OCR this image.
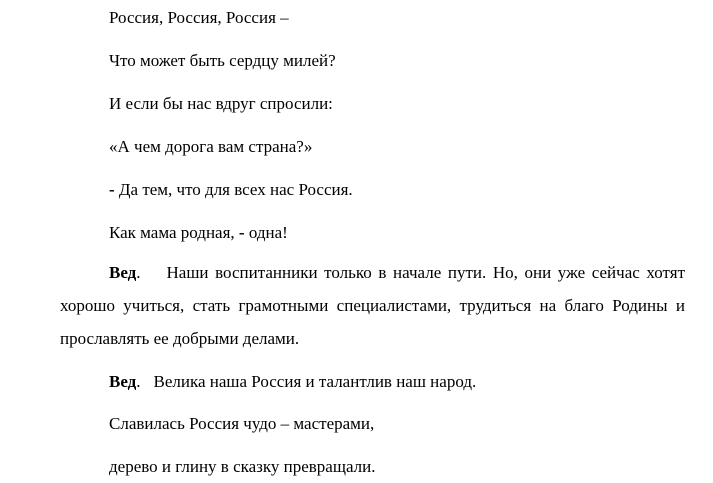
Россия, Россия, Россия –
Что может быть сердцу милей?
И если бы нас вдруг спросили:
«А чем дорога вам страна?»
- Да тем, что для всех нас Россия.
Как мама родная, - одна!
Вед. Наши воспитанники только в начале пути. Но, они уже сейчас хотят хорошо учиться, стать грамотными специалистами, трудиться на благо Родины и прославлять ее добрыми делами.
Вед. Велика наша Россия и талантлив наш народ.
Славилась Россия чудо – мастерами,
дерево и глину в сказку превращали.
